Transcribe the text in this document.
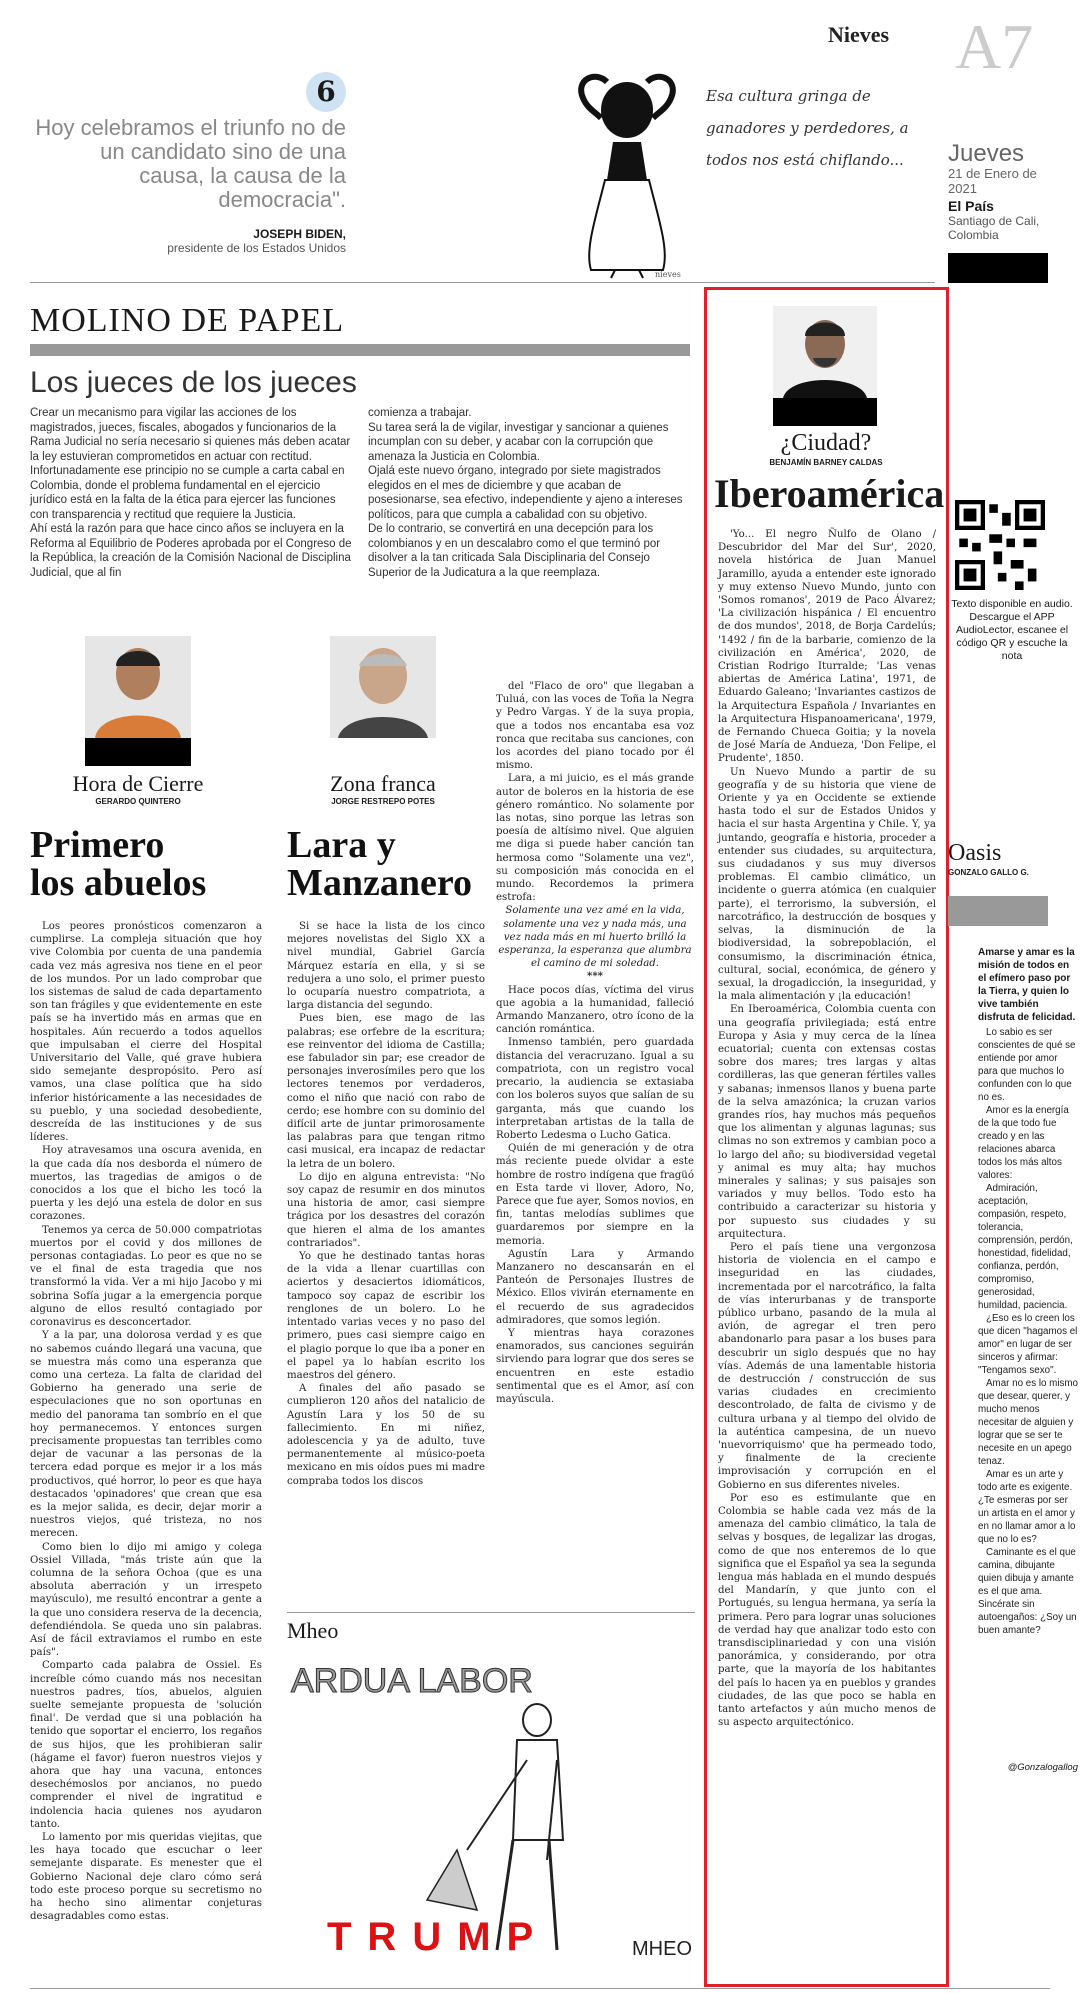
Nieves A7
Jueves
21 de Enero de 2021
El País
Santiago de Cali, Colombia
6
Hoy celebramos el triunfo no de un candidato sino de una causa, la causa de la democracia".
JOSEPH BIDEN,
presidente de los Estados Unidos
Esa cultura gringa de ganadores y perdedores, a todos nos está chiflando...
nieves
MOLINO DE PAPEL
Los jueces de los jueces

Crear un mecanismo para vigilar las acciones de los magistrados, jueces, fiscales, abogados y funcionarios de la Rama Judicial no sería necesario si quienes más deben acatar la ley estuvieran comprometidos en actuar con rectitud.

Infortunadamente ese principio no se cumple a carta cabal en Colombia, donde el problema fundamental en el ejercicio jurídico está en la falta de la ética para ejercer las funciones con transparencia y rectitud que requiere la Justicia.

Ahí está la razón para que hace cinco años se incluyera en la Reforma al Equilibrio de Poderes aprobada por el Congreso de la República, la creación de la Comisión Nacional de Disciplina Judicial, que al fin

comienza a trabajar.

Su tarea será la de vigilar, investigar y sancionar a quienes incumplan con su deber, y acabar con la corrupción que amenaza la Justicia en Colombia.

Ojalá este nuevo órgano, integrado por siete magistrados elegidos en el mes de diciembre y que acaban de posesionarse, sea efectivo, independiente y ajeno a intereses políticos, para que cumpla a cabalidad con su objetivo.

De lo contrario, se convertirá en una decepción para los colombianos y en un descalabro como el que terminó por disolver a la tan criticada Sala Disciplinaria del Consejo Superior de la Judicatura a la que reemplaza.

Hora de Cierre
GERARDO QUINTERO
Primero
los abuelos

Los peores pronósticos comenzaron a cumplirse. La compleja situación que hoy vive Colombia por cuenta de una pandemia cada vez más agresiva nos tiene en el peor de los mundos. Por un lado comprobar que los sistemas de salud de cada departamento son tan frágiles y que evidentemente en este país se ha invertido más en armas que en hospitales. Aún recuerdo a todos aquellos que impulsaban el cierre del Hospital Universitario del Valle, qué grave hubiera sido semejante despropósito. Pero así vamos, una clase política que ha sido inferior históricamente a las necesidades de su pueblo, y una sociedad desobediente, descreída de las instituciones y de sus líderes.

Hoy atravesamos una oscura avenida, en la que cada día nos desborda el número de muertos, las tragedias de amigos o de conocidos a los que el bicho les tocó la puerta y les dejó una estela de dolor en sus corazones.

Tenemos ya cerca de 50.000 compatriotas muertos por el covid y dos millones de personas contagiadas. Lo peor es que no se ve el final de esta tragedia que nos transformó la vida. Ver a mi hijo Jacobo y mi sobrina Sofía jugar a la emergencia porque alguno de ellos resultó contagiado por coronavirus es desconcertador.

Y a la par, una dolorosa verdad y es que no sabemos cuándo llegará una vacuna, que se muestra más como una esperanza que como una certeza. La falta de claridad del Gobierno ha generado una serie de especulaciones que no son oportunas en medio del panorama tan sombrío en el que hoy permanecemos. Y entonces surgen precisamente propuestas tan terribles como dejar de vacunar a las personas de la tercera edad porque es mejor ir a los más productivos, qué horror, lo peor es que haya destacados 'opinadores' que crean que esa es la mejor salida, es decir, dejar morir a nuestros viejos, qué tristeza, no nos merecen.

Como bien lo dijo mi amigo y colega Ossiel Villada, "más triste aún que la columna de la señora Ochoa (que es una absoluta aberración y un irrespeto mayúsculo), me resultó encontrar a gente a la que uno considera reserva de la decencia, defendiéndola. Se queda uno sin palabras. Así de fácil extraviamos el rumbo en este país".

Comparto cada palabra de Ossiel. Es increíble cómo cuando más nos necesitan nuestros padres, tíos, abuelos, alguien suelte semejante propuesta de 'solución final'. De verdad que si una población ha tenido que soportar el encierro, los regaños de sus hijos, que les prohibieran salir (hágame el favor) fueron nuestros viejos y ahora que hay una vacuna, entonces desechémoslos por ancianos, no puedo comprender el nivel de ingratitud e indolencia hacia quienes nos ayudaron tanto.

Lo lamento por mis queridas viejitas, que les haya tocado que escuchar o leer semejante disparate. Es menester que el Gobierno Nacional deje claro cómo será todo este proceso porque su secretismo no ha hecho sino alimentar conjeturas desagradables como estas.

Zona franca
JORGE RESTREPO POTES
Lara y
Manzanero

Si se hace la lista de los cinco mejores novelistas del Siglo XX a nivel mundial, Gabriel García Márquez estaría en ella, y si se redujera a uno solo, el primer puesto lo ocuparía nuestro compatriota, a larga distancia del segundo.

Pues bien, ese mago de las palabras; ese orfebre de la escritura; ese reinventor del idioma de Castilla; ese fabulador sin par; ese creador de personajes inverosímiles pero que los lectores tenemos por verdaderos, como el niño que nació con rabo de cerdo; ese hombre con su dominio del difícil arte de juntar primorosamente las palabras para que tengan ritmo casi musical, era incapaz de redactar la letra de un bolero.

Lo dijo en alguna entrevista: "No soy capaz de resumir en dos minutos una historia de amor, casi siempre trágica por los desastres del corazón que hieren el alma de los amantes contrariados".

Yo que he destinado tantas horas de la vida a llenar cuartillas con aciertos y desaciertos idiomáticos, tampoco soy capaz de escribir los renglones de un bolero. Lo he intentado varias veces y no paso del primero, pues casi siempre caigo en el plagio porque lo que iba a poner en el papel ya lo habían escrito los maestros del género.

A finales del año pasado se cumplieron 120 años del natalicio de Agustín Lara y los 50 de su fallecimiento. En mi niñez, adolescencia y ya de adulto, tuve permanentemente al músico-poeta mexicano en mis oídos pues mi madre compraba todos los discos

del "Flaco de oro" que llegaban a Tuluá, con las voces de Toña la Negra y Pedro Vargas. Y de la suya propia, que a todos nos encantaba esa voz ronca que recitaba sus canciones, con los acordes del piano tocado por él mismo.

Lara, a mi juicio, es el más grande autor de boleros en la historia de ese género romántico. No solamente por las notas, sino porque las letras son poesía de altísimo nivel. Que alguien me diga si puede haber canción tan hermosa como "Solamente una vez", su composición más conocida en el mundo. Recordemos la primera estrofa:

Solamente una vez amé en la vida, solamente una vez y nada más, una vez nada más en mi huerto brilló la esperanza, la esperanza que alumbra el camino de mi soledad.

***

Hace pocos días, víctima del virus que agobia a la humanidad, falleció Armando Manzanero, otro ícono de la canción romántica.

Inmenso también, pero guardada distancia del veracruzano. Igual a su compatriota, con un registro vocal precario, la audiencia se extasiaba con los boleros suyos que salían de su garganta, más que cuando los interpretaban artistas de la talla de Roberto Ledesma o Lucho Gatica.

Quién de mi generación y de otra más reciente puede olvidar a este hombre de rostro indígena que fragüó en Esta tarde vi llover, Adoro, No, Parece que fue ayer, Somos novios, en fin, tantas melodías sublimes que guardaremos por siempre en la memoria.

Agustín Lara y Armando Manzanero no descansarán en el Panteón de Personajes Ilustres de México. Ellos vivirán eternamente en el recuerdo de sus agradecidos admiradores, que somos legión.

Y mientras haya corazones enamorados, sus canciones seguirán sirviendo para lograr que dos seres se encuentren en este estadio sentimental que es el Amor, así con mayúscula.

Mheo
ARDUA LABOR
TRUMP	MHEO
¿Ciudad?
BENJAMÍN BARNEY CALDAS
Iberoamérica

'Yo... El negro Ñulfo de Olano / Descubridor del Mar del Sur', 2020, novela histórica de Juan Manuel Jaramillo, ayuda a entender este ignorado y muy extenso Nuevo Mundo, junto con 'Somos romanos', 2019 de Paco Álvarez; 'La civilización hispánica / El encuentro de dos mundos', 2018, de Borja Cardelús; '1492 / fin de la barbarie, comienzo de la civilización en América', 2020, de Cristian Rodrigo Iturralde; 'Las venas abiertas de América Latina', 1971, de Eduardo Galeano; 'Invariantes castizos de la Arquitectura Española / Invariantes en la Arquitectura Hispanoamericana', 1979, de Fernando Chueca Goitia; y la novela de José María de Andueza, 'Don Felipe, el Prudente', 1850.

Un Nuevo Mundo a partir de su geografía y de su historia que viene de Oriente y ya en Occidente se extiende hasta todo el sur de Estados Unidos y hacia el sur hasta Argentina y Chile. Y, ya juntando, geografía e historia, proceder a entender sus ciudades, su arquitectura, sus ciudadanos y sus muy diversos problemas. El cambio climático, un incidente o guerra atómica (en cualquier parte), el terrorismo, la subversión, el narcotráfico, la destrucción de bosques y selvas, la disminución de la biodiversidad, la sobrepoblación, el consumismo, la discriminación étnica, cultural, social, económica, de género y sexual, la drogadicción, la inseguridad, y la mala alimentación y ¡la educación!

En Iberoamérica, Colombia cuenta con una geografía privilegiada; está entre Europa y Asia y muy cerca de la línea ecuatorial; cuenta con extensas costas sobre dos mares; tres largas y altas cordilleras, las que generan fértiles valles y sabanas; inmensos llanos y buena parte de la selva amazónica; la cruzan varios grandes ríos, hay muchos más pequeños que los alimentan y algunas lagunas; sus climas no son extremos y cambian poco a lo largo del año; su biodiversidad vegetal y animal es muy alta; hay muchos minerales y salinas; y sus paisajes son variados y muy bellos. Todo esto ha contribuido a caracterizar su historia y por supuesto sus ciudades y su arquitectura.

Pero el país tiene una vergonzosa historia de violencia en el campo e inseguridad en las ciudades, incrementada por el narcotráfico, la falta de vías interurbanas y de transporte público urbano, pasando de la mula al avión, de agregar el tren pero abandonarlo para pasar a los buses para descubrir un siglo después que no hay vías. Además de una lamentable historia de destrucción / construcción de sus varias ciudades en crecimiento descontrolado, de falta de civismo y de cultura urbana y al tiempo del olvido de la auténtica campesina, de un nuevo 'nuevorriquismo' que ha permeado todo, y finalmente de la creciente improvisación y corrupción en el Gobierno en sus diferentes niveles.

Por eso es estimulante que en Colombia se hable cada vez más de la amenaza del cambio climático, la tala de selvas y bosques, de legalizar las drogas, como de que nos enteremos de lo que significa que el Español ya sea la segunda lengua más hablada en el mundo después del Mandarín, y que junto con el Portugués, su lengua hermana, ya sería la primera. Pero para lograr unas soluciones de verdad hay que analizar todo esto con transdisciplinariedad y con una visión panorámica, y considerando, por otra parte, que la mayoría de los habitantes del país lo hacen ya en pueblos y grandes ciudades, de las que poco se habla en tanto artefactos y aún mucho menos de su aspecto arquitectónico.

Texto disponible en audio. Descargue el APP AudioLector, escanee el código QR y escuche la nota
Oasis
GONZALO GALLO G.
Amarse y amar es la misión de todos en el efímero paso por la Tierra, y quien lo vive también disfruta de felicidad.

Lo sabio es ser conscientes de qué se entiende por amor para que muchos lo confunden con lo que no es.

Amor es la energía de la que todo fue creado y en las relaciones abarca todos los más altos valores:

Admiración, aceptación, compasión, respeto, tolerancia, comprensión, perdón, honestidad, fidelidad, confianza, perdón, compromiso, generosidad, humildad, paciencia.

¿Eso es lo creen los que dicen "hagamos el amor" en lugar de ser sinceros y afirmar: "Tengamos sexo".

Amar no es lo mismo que desear, querer, y mucho menos necesitar de alguien y lograr que se ser te necesite en un apego tenaz.

Amar es un arte y todo arte es exigente. ¿Te esmeras por ser un artista en el amor y en no llamar amor a lo que no lo es?

Caminante es el que camina, dibujante quien dibuja y amante es el que ama. Sincérate sin autoengaños: ¿Soy un buen amante?

@Gonzalogallog
